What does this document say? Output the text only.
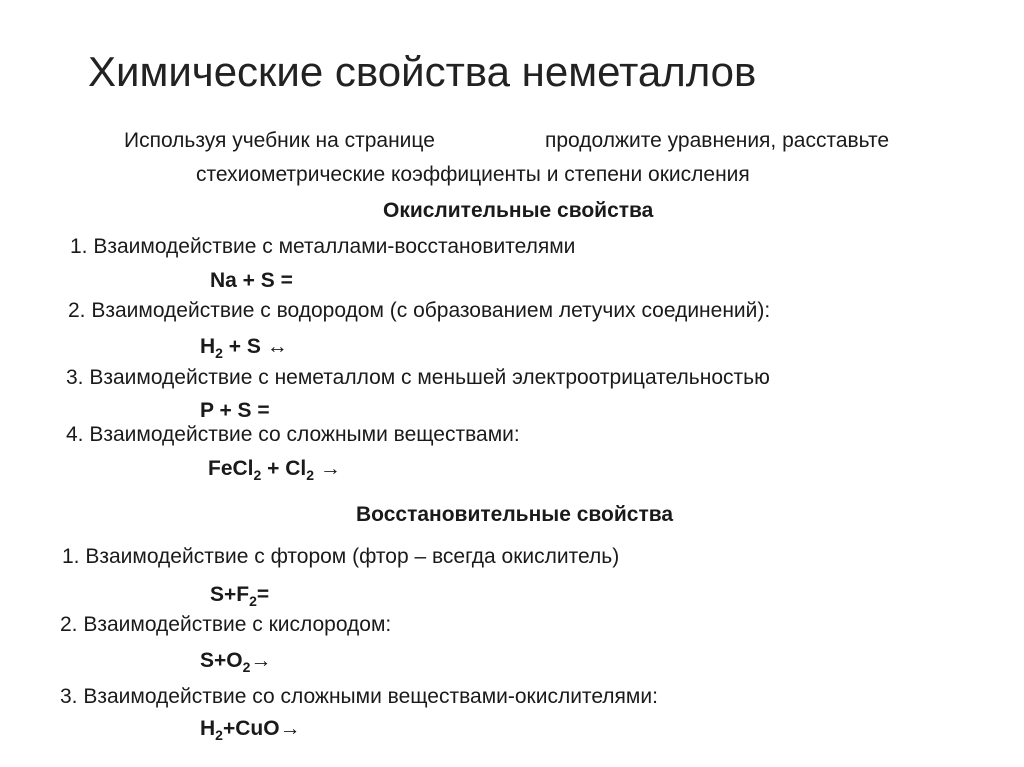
Химические свойства неметаллов
Используя учебник на странице	продолжите уравнения, расставьте
стехиометрические коэффициенты и степени окисления
Окислительные свойства
1. Взаимодействие с металлами-восстановителями
Na + S =
2. Взаимодействие с водородом (с образованием летучих соединений):
$H_2 + S$ ↔
3. Взаимодействие с неметаллом с меньшей электроотрицательностью
P + S =
4. Взаимодействие со сложными веществами:
FeCl$_2$ + $Cl_2$ →
Восстановительные свойства
1. Взаимодействие с фтором (фтор – всегда окислитель)
$S+F_2=$
2. Взаимодействие с кислородом:
$S+O_2\to$
3. Взаимодействие со сложными веществами-окислителями:
$H_2+CuO\to$
